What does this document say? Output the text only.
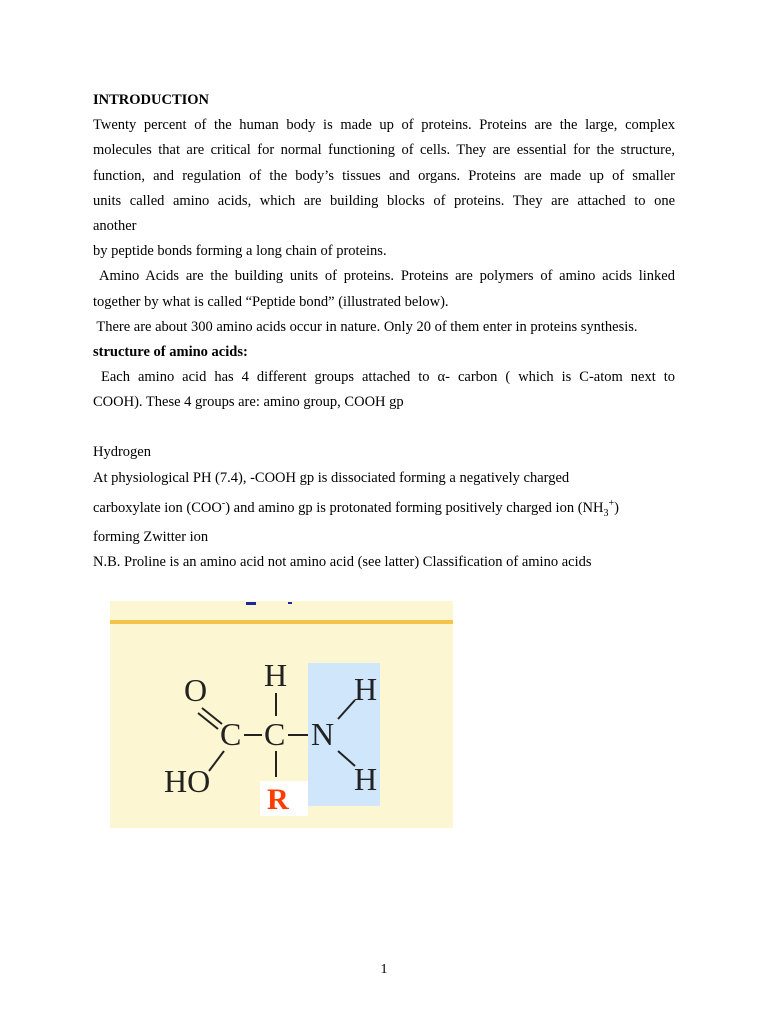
INTRODUCTION
Twenty percent of the human body is made up of proteins. Proteins are the large, complex
molecules that are critical for normal functioning of cells. They are essential for the structure,
function, and regulation of the body’s tissues and organs. Proteins are made up of smaller
units called amino acids, which are building blocks of proteins. They are attached to one
another
by peptide bonds forming a long chain of proteins.
Amino Acids are the building units of proteins. Proteins are polymers of amino acids linked
together by what is called “Peptide bond” (illustrated below).
There are about 300 amino acids occur in nature. Only 20 of them enter in proteins synthesis.
structure of amino acids:
Each amino acid has 4 different groups attached to α- carbon ( which is C-atom next to
COOH). These 4 groups are: amino group, COOH gp
Hydrogen
At physiological PH (7.4), -COOH gp is dissociated forming a negatively charged
carboxylate ion (COO-) and amino gp is protonated forming positively charged ion $(NH_3^+)$
forming Zwitter ion
N.B. Proline is an amino acid not amino acid (see latter) Classification of amino acids
O
HO
C C
H
N
H
H
R
1
